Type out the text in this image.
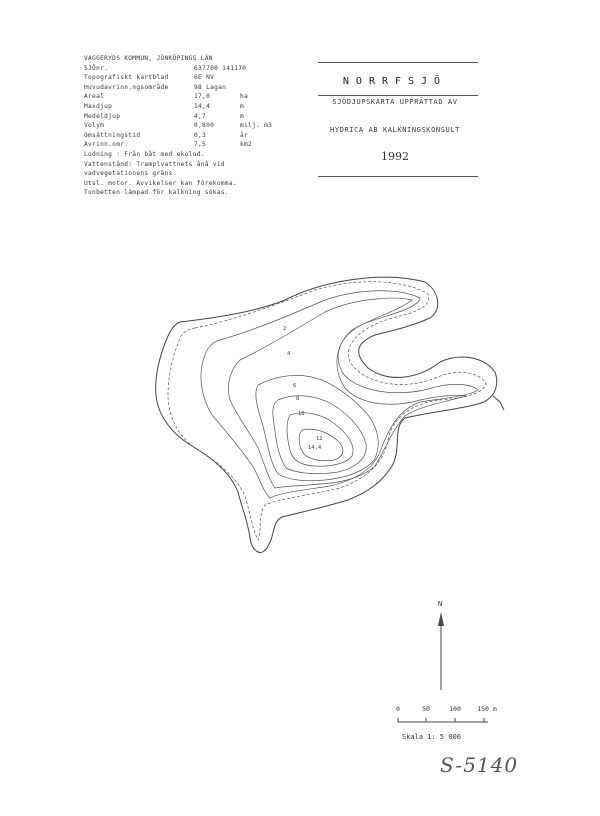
VAGGERYDS KOMMUN, JÖNKÖPINGS LÄN
SJÖnr.	637700 141170
Topografiskt kartblad	6E NV
Huvudavrinn.ngsområde	98 Lagan
Areal	17,0	ha
Maxdjup	14,4	m
Medeldjup	4,7	m
Volym	0,800	milj. m3
Omsättningstid	0,3	år
Avrinn.omr.	7,5	km2
Lodning : Från båt med ekolod.
Vattenstånd: Tramplvattnets ånå vid
vadvegetationens gräns.
Utsl. motor. Avvikelser kan förekomma.
Tunbetten lämpad för kalkning sökas.
NORRFSJÖ
SJÖDJUPSKARTA UPPRÄTTAD AV
HYDRICA AB KALKNINGSKONSULT
1992
2
4
6
8
10
12
14,4
N
0	50	100	150 m
Skala 1: 5 000
S-5140
